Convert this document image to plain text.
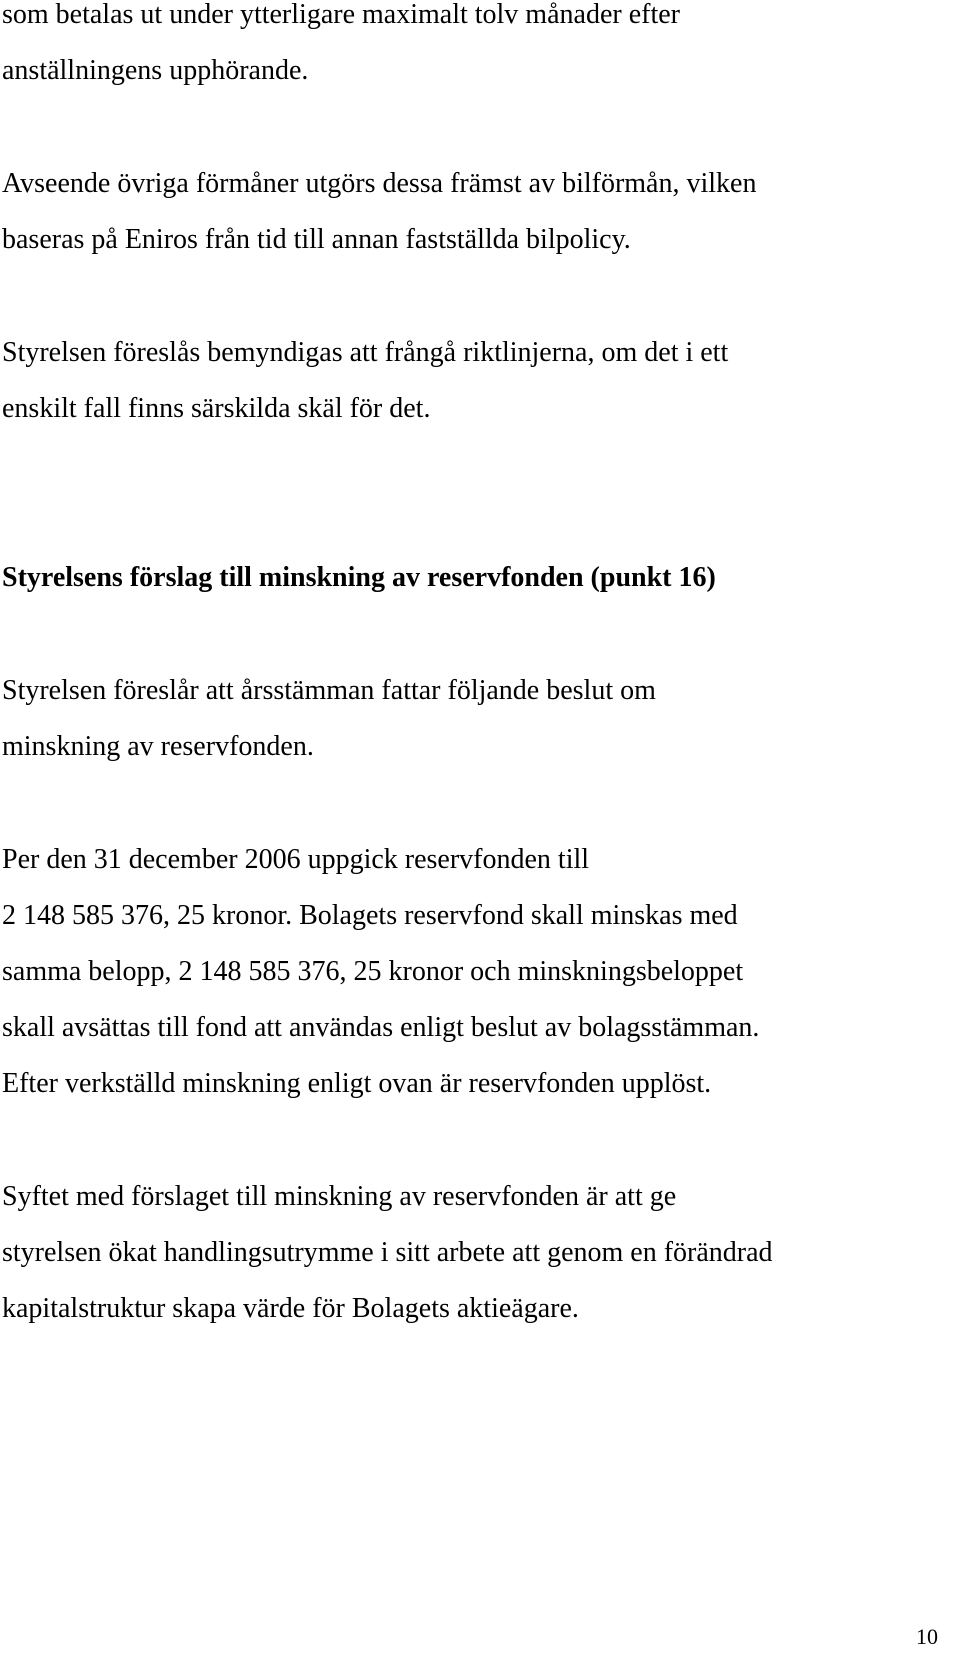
som betalas ut under ytterligare maximalt tolv månader efter
anställningens upphörande.
Avseende övriga förmåner utgörs dessa främst av bilförmån, vilken
baseras på Eniros från tid till annan fastställda bilpolicy.
Styrelsen föreslås bemyndigas att frångå riktlinjerna, om det i ett
enskilt fall finns särskilda skäl för det.
Styrelsens förslag till minskning av reservfonden (punkt 16)
Styrelsen föreslår att årsstämman fattar följande beslut om
minskning av reservfonden.
Per den 31 december 2006 uppgick reservfonden till
2 148 585 376, 25 kronor. Bolagets reservfond skall minskas med
samma belopp, 2 148 585 376, 25 kronor och minskningsbeloppet
skall avsättas till fond att användas enligt beslut av bolagsstämman.
Efter verkställd minskning enligt ovan är reservfonden upplöst.
Syftet med förslaget till minskning av reservfonden är att ge
styrelsen ökat handlingsutrymme i sitt arbete att genom en förändrad
kapitalstruktur skapa värde för Bolagets aktieägare.
10
